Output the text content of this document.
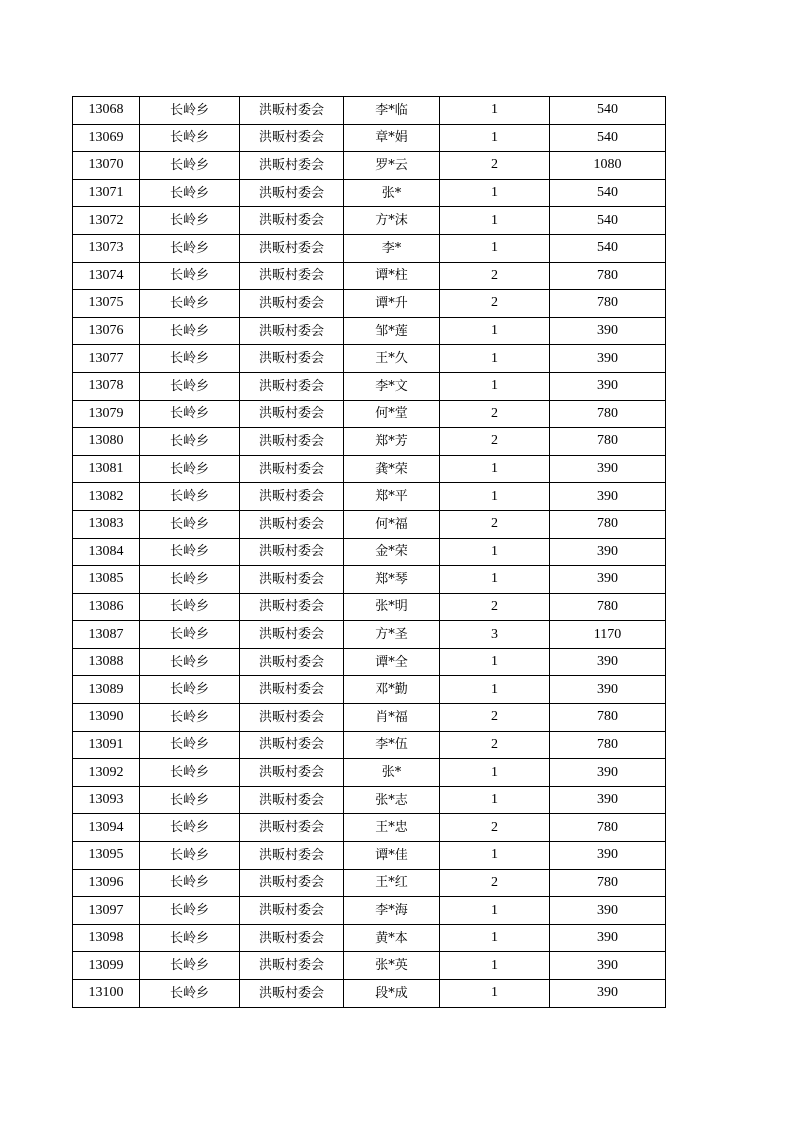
13068	长岭乡	洪畈村委会	李*临	1	540
13069	长岭乡	洪畈村委会	章*娟	1	540
13070	长岭乡	洪畈村委会	罗*云	2	1080
13071	长岭乡	洪畈村委会	张*	1	540
13072	长岭乡	洪畈村委会	方*沫	1	540
13073	长岭乡	洪畈村委会	李*	1	540
13074	长岭乡	洪畈村委会	谭*柱	2	780
13075	长岭乡	洪畈村委会	谭*升	2	780
13076	长岭乡	洪畈村委会	邹*莲	1	390
13077	长岭乡	洪畈村委会	王*久	1	390
13078	长岭乡	洪畈村委会	李*文	1	390
13079	长岭乡	洪畈村委会	何*堂	2	780
13080	长岭乡	洪畈村委会	郑*芳	2	780
13081	长岭乡	洪畈村委会	龚*荣	1	390
13082	长岭乡	洪畈村委会	郑*平	1	390
13083	长岭乡	洪畈村委会	何*福	2	780
13084	长岭乡	洪畈村委会	金*荣	1	390
13085	长岭乡	洪畈村委会	郑*琴	1	390
13086	长岭乡	洪畈村委会	张*明	2	780
13087	长岭乡	洪畈村委会	方*圣	3	1170
13088	长岭乡	洪畈村委会	谭*全	1	390
13089	长岭乡	洪畈村委会	邓*勤	1	390
13090	长岭乡	洪畈村委会	肖*福	2	780
13091	长岭乡	洪畈村委会	李*伍	2	780
13092	长岭乡	洪畈村委会	张*	1	390
13093	长岭乡	洪畈村委会	张*志	1	390
13094	长岭乡	洪畈村委会	王*忠	2	780
13095	长岭乡	洪畈村委会	谭*佳	1	390
13096	长岭乡	洪畈村委会	王*红	2	780
13097	长岭乡	洪畈村委会	李*海	1	390
13098	长岭乡	洪畈村委会	黄*本	1	390
13099	长岭乡	洪畈村委会	张*英	1	390
13100	长岭乡	洪畈村委会	段*成	1	390
